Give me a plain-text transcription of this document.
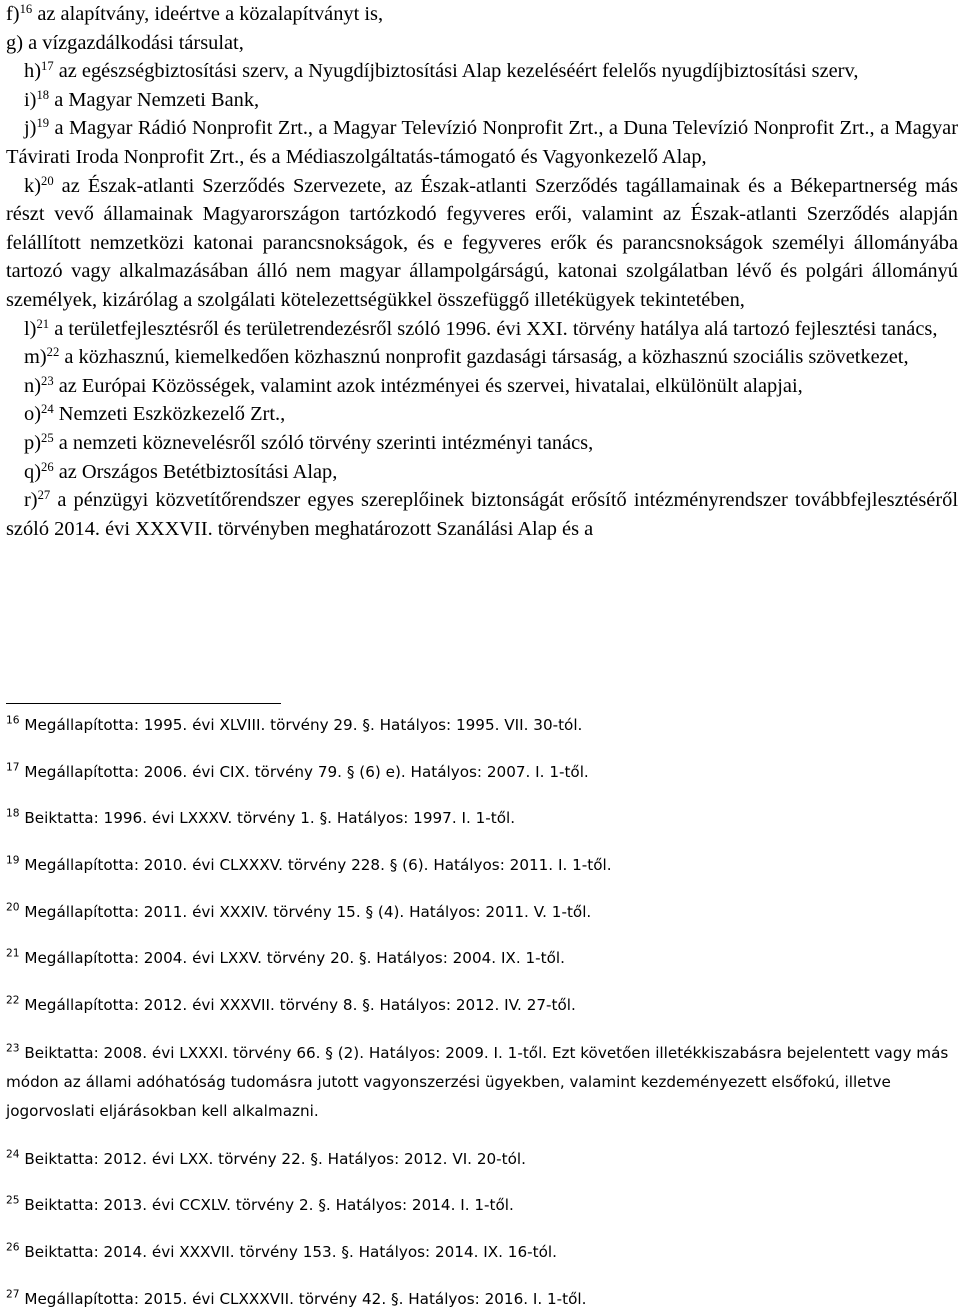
f)$^{16}$ az alapítvány, ideértve a közalapítványt is,

g) a vízgazdálkodási társulat,

h)$^{17}$ az egészségbiztosítási szerv, a Nyugdíjbiztosítási Alap kezeléséért felelős nyugdíjbiztosítási szerv,

i)$^{18}$ a Magyar Nemzeti Bank,

j)$^{19}$ a Magyar Rádió Nonprofit Zrt., a Magyar Televízió Nonprofit Zrt., a Duna Televízió Nonprofit Zrt., a Magyar Távirati Iroda Nonprofit Zrt., és a Médiaszolgáltatás-támogató és Vagyonkezelő Alap,

k)$^{20}$ az Észak-atlanti Szerződés Szervezete, az Észak-atlanti Szerződés tagállamainak és a Békepartnerség más részt vevő államainak Magyarországon tartózkodó fegyveres erői, valamint az Észak-atlanti Szerződés alapján felállított nemzetközi katonai parancsnokságok, és e fegyveres erők és parancsnokságok személyi állományába tartozó vagy alkalmazásában álló nem magyar állampolgárságú, katonai szolgálatban lévő és polgári állományú személyek, kizárólag a szolgálati kötelezettségükkel összefüggő illetékügyek tekintetében,

l)$^{21}$ a területfejlesztésről és területrendezésről szóló 1996. évi XXI. törvény hatálya alá tartozó fejlesztési tanács,

m)$^{22}$ a közhasznú, kiemelkedően közhasznú nonprofit gazdasági társaság, a közhasznú szociális szövetkezet,

n)$^{23}$ az Európai Közösségek, valamint azok intézményei és szervei, hivatalai, elkülönült alapjai,

o)$^{24}$ Nemzeti Eszközkezelő Zrt.,

p)$^{25}$ a nemzeti köznevelésről szóló törvény szerinti intézményi tanács,

q)$^{26}$ az Országos Betétbiztosítási Alap,

r)$^{27}$ a pénzügyi közvetítőrendszer egyes szereplőinek biztonságát erősítő intézményrendszer továbbfejlesztéséről szóló 2014. évi XXXVII. törvényben meghatározott Szanálási Alap és a

$^{16}$ Megállapította: 1995. évi XLVIII. törvény 29. §. Hatályos: 1995. VII. 30-tól.

$^{17}$ Megállapította: 2006. évi CIX. törvény 79. § (6) e). Hatályos: 2007. I. 1-től.

$^{18}$ Beiktatta: 1996. évi LXXXV. törvény 1. §. Hatályos: 1997. I. 1-től.

$^{19}$ Megállapította: 2010. évi CLXXXV. törvény 228. § (6). Hatályos: 2011. I. 1-től.

$^{20}$ Megállapította: 2011. évi XXXIV. törvény 15. § (4). Hatályos: 2011. V. 1-től.

$^{21}$ Megállapította: 2004. évi LXXV. törvény 20. §. Hatályos: 2004. IX. 1-től.

$^{22}$ Megállapította: 2012. évi XXXVII. törvény 8. §. Hatályos: 2012. IV. 27-től.

$^{23}$ Beiktatta: 2008. évi LXXXI. törvény 66. § (2). Hatályos: 2009. I. 1-től. Ezt követően illetékkiszabásra bejelentett vagy más módon az állami adóhatóság tudomásra jutott vagyonszerzési ügyekben, valamint kezdeményezett elsőfokú, illetve jogorvoslati eljárásokban kell alkalmazni.

$^{24}$ Beiktatta: 2012. évi LXX. törvény 22. §. Hatályos: 2012. VI. 20-tól.

$^{25}$ Beiktatta: 2013. évi CCXLV. törvény 2. §. Hatályos: 2014. I. 1-től.

$^{26}$ Beiktatta: 2014. évi XXXVII. törvény 153. §. Hatályos: 2014. IX. 16-tól.

$^{27}$ Megállapította: 2015. évi CLXXXVII. törvény 42. §. Hatályos: 2016. I. 1-től.
